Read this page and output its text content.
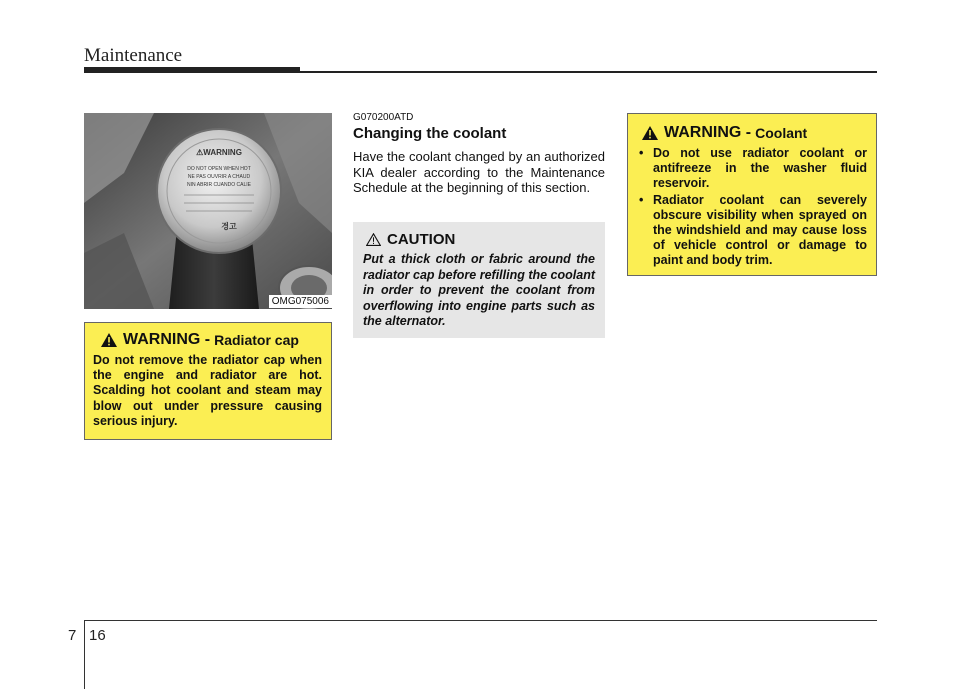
Maintenance
⚠WARNING
DO NOT OPEN WHEN HOT
NE PAS OUVRIR A CHAUD
NIN ABRIR CUANDO CALIE
경고
OMG075006
WARNING - Radiator cap
Do not remove the radiator cap when the engine and radiator are hot. Scalding hot coolant and steam may blow out under pressure causing serious injury.
G070200ATD
Changing the coolant
Have the coolant changed by an authorized KIA dealer according to the Maintenance Schedule at the beginning of this section.
CAUTION
Put a thick cloth or fabric around the radiator cap before refilling the coolant in order to prevent the coolant from overflowing into engine parts such as the alternator.
WARNING - Coolant
• Do not use radiator coolant or antifreeze in the washer fluid reservoir.
• Radiator coolant can severely obscure visibility when sprayed on the windshield and may cause loss of vehicle control or damage to paint and body trim.
7 16
